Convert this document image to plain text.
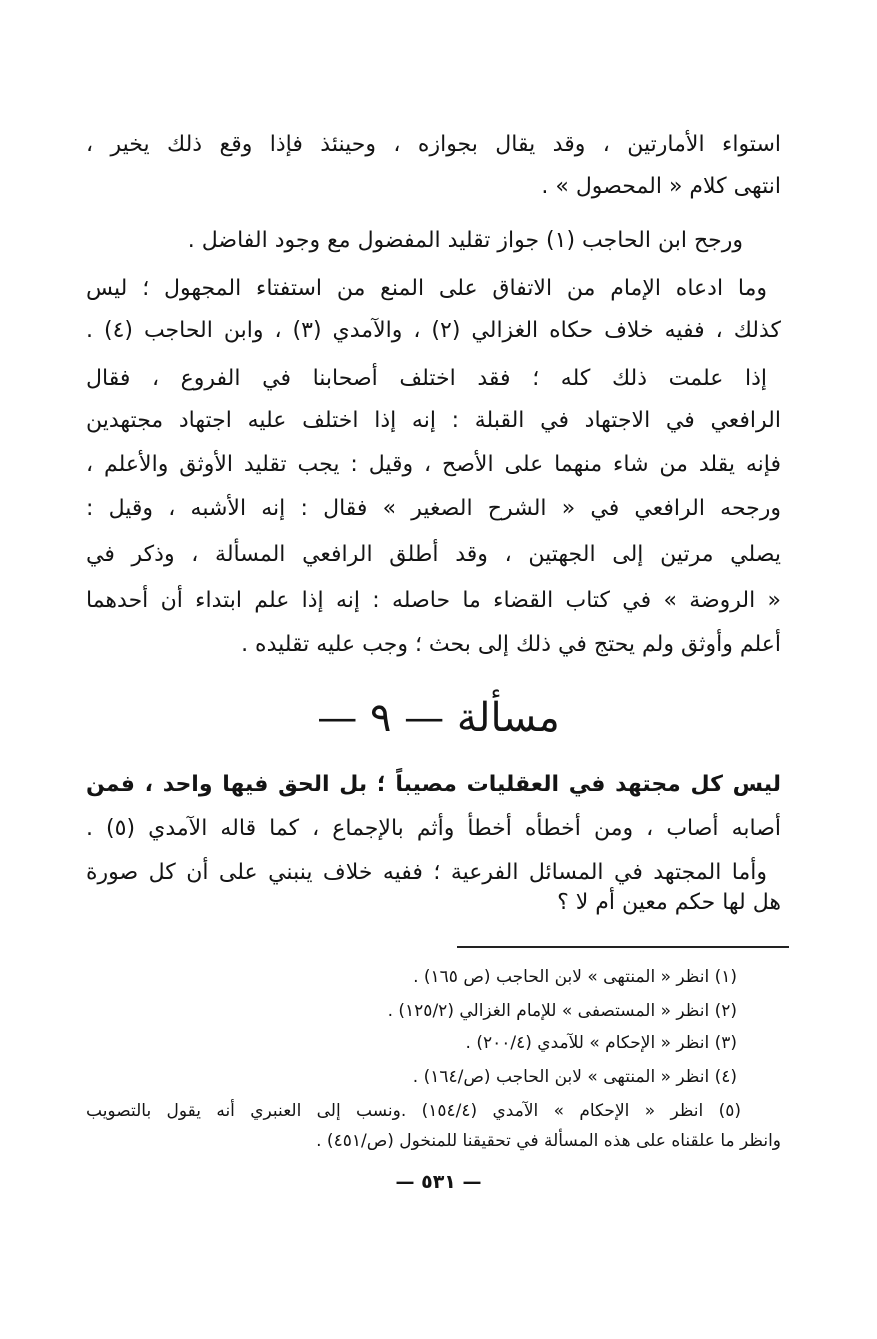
استواء الأمارتين ، وقد يقال بجوازه ، وحينئذ فإذا وقع ذلك يخير ،
انتهى كلام « المحصول » .
ورجح ابن الحاجب (١) جواز تقليد المفضول مع وجود الفاضل .
وما ادعاه الإمام من الاتفاق على المنع من استفتاء المجهول ؛ ليس
كذلك ، ففيه خلاف حكاه الغزالي (٢) ، والآمدي (٣) ، وابن الحاجب (٤) .
إذا علمت ذلك كله ؛ فقد اختلف أصحابنا في الفروع ، فقال
الرافعي في الاجتهاد في القبلة : إنه إذا اختلف عليه اجتهاد مجتهدين
فإنه يقلد من شاء منهما على الأصح ، وقيل : يجب تقليد الأوثق والأعلم ،
ورجحه الرافعي في « الشرح الصغير » فقال : إنه الأشبه ، وقيل :
يصلي مرتين إلى الجهتين ، وقد أطلق الرافعي المسألة ، وذكر في
« الروضة » في كتاب القضاء ما حاصله : إنه إذا علم ابتداء أن أحدهما
أعلم وأوثق ولم يحتج في ذلك إلى بحث ؛ وجب عليه تقليده .
مسألة — ٩ —
ليس كل مجتهد في العقليات مصيباً ؛ بل الحق فيها واحد ، فمن
أصابه أصاب ، ومن أخطأه أخطأ وأثم بالإجماع ، كما قاله الآمدي (٥) .
وأما المجتهد في المسائل الفرعية ؛ ففيه خلاف ينبني على أن كل صورة
هل لها حكم معين أم لا ؟
(١) انظر « المنتهى » لابن الحاجب (ص ١٦٥) .
(٢) انظر « المستصفى » للإمام الغزالي (١٢٥/٢) .
(٣) انظر « الإحكام » للآمدي (٢٠٠/٤) .
(٤) انظر « المنتهى » لابن الحاجب (ص/١٦٤) .
(٥) انظر « الإحكام » الآمدي (١٥٤/٤) .ونسب إلى العنبري أنه يقول بالتصويب
وانظر ما علقناه على هذه المسألة في تحقيقنا للمنخول (ص/٤٥١) .
— ٥٣١ —
